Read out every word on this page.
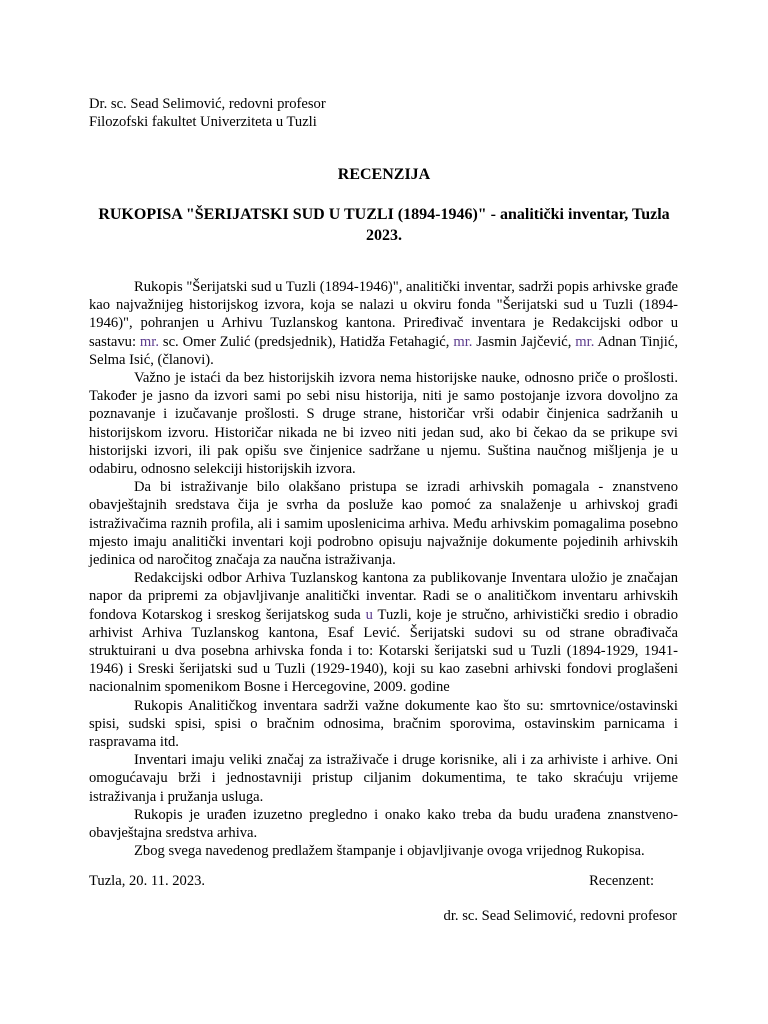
Dr. sc. Sead Selimović, redovni profesor
Filozofski fakultet Univerziteta u Tuzli
RECENZIJA
RUKOPISA "ŠERIJATSKI SUD U TUZLI (1894-1946)" - analitički inventar, Tuzla 2023.

Rukopis "Šerijatski sud u Tuzli (1894-1946)", analitički inventar, sadrži popis arhivske građe kao najvažnijeg historijskog izvora, koja se nalazi u okviru fonda "Šerijatski sud u Tuzli (1894-1946)", pohranjen u Arhivu Tuzlanskog kantona. Priređivač inventara je Redakcijski odbor u sastavu: mr. sc. Omer Zulić (predsjednik), Hatidža Fetahagić, mr. Jasmin Jajčević, mr. Adnan Tinjić, Selma Isić, (članovi).

Važno je istaći da bez historijskih izvora nema historijske nauke, odnosno priče o prošlosti. Također je jasno da izvori sami po sebi nisu historija, niti je samo postojanje izvora dovoljno za poznavanje i izučavanje prošlosti. S druge strane, historičar vrši odabir činjenica sadržanih u historijskom izvoru. Historičar nikada ne bi izveo niti jedan sud, ako bi čekao da se prikupe svi historijski izvori, ili pak opišu sve činjenice sadržane u njemu. Suština naučnog mišljenja je u odabiru, odnosno selekciji historijskih izvora.

Da bi istraživanje bilo olakšano pristupa se izradi arhivskih pomagala - znanstveno obavještajnih sredstava čija je svrha da posluže kao pomoć za snalaženje u arhivskoj građi istraživačima raznih profila, ali i samim uposlenicima arhiva. Među arhivskim pomagalima posebno mjesto imaju analitički inventari koji podrobno opisuju najvažnije dokumente pojedinih arhivskih jedinica od naročitog značaja za naučna istraživanja.

Redakcijski odbor Arhiva Tuzlanskog kantona za publikovanje Inventara uložio je značajan napor da pripremi za objavljivanje analitički inventar. Radi se o analitičkom inventaru arhivskih fondova Kotarskog i sreskog šerijatskog suda u Tuzli, koje je stručno, arhivistički sredio i obradio arhivist Arhiva Tuzlanskog kantona, Esaf Lević. Šerijatski sudovi su od strane obrađivača struktuirani u dva posebna arhivska fonda i to: Kotarski šerijatski sud u Tuzli (1894-1929, 1941-1946) i Sreski šerijatski sud u Tuzli (1929-1940), koji su kao zasebni arhivski fondovi proglašeni nacionalnim spomenikom Bosne i Hercegovine, 2009. godine

Rukopis Analitičkog inventara sadrži važne dokumente kao što su: smrtovnice/ostavinski spisi, sudski spisi, spisi o bračnim odnosima, bračnim sporovima, ostavinskim parnicama i raspravama itd.

Inventari imaju veliki značaj za istraživače i druge korisnike, ali i za arhiviste i arhive. Oni omogućavaju brži i jednostavniji pristup ciljanim dokumentima, te tako skraćuju vrijeme istraživanja i pružanja usluga.

Rukopis je urađen izuzetno pregledno i onako kako treba da budu urađena znanstveno-obavještajna sredstva arhiva.

Zbog svega navedenog predlažem štampanje i objavljivanje ovoga vrijednog Rukopisa.

Tuzla, 20. 11. 2023.	Recenzent:
dr. sc. Sead Selimović, redovni profesor
